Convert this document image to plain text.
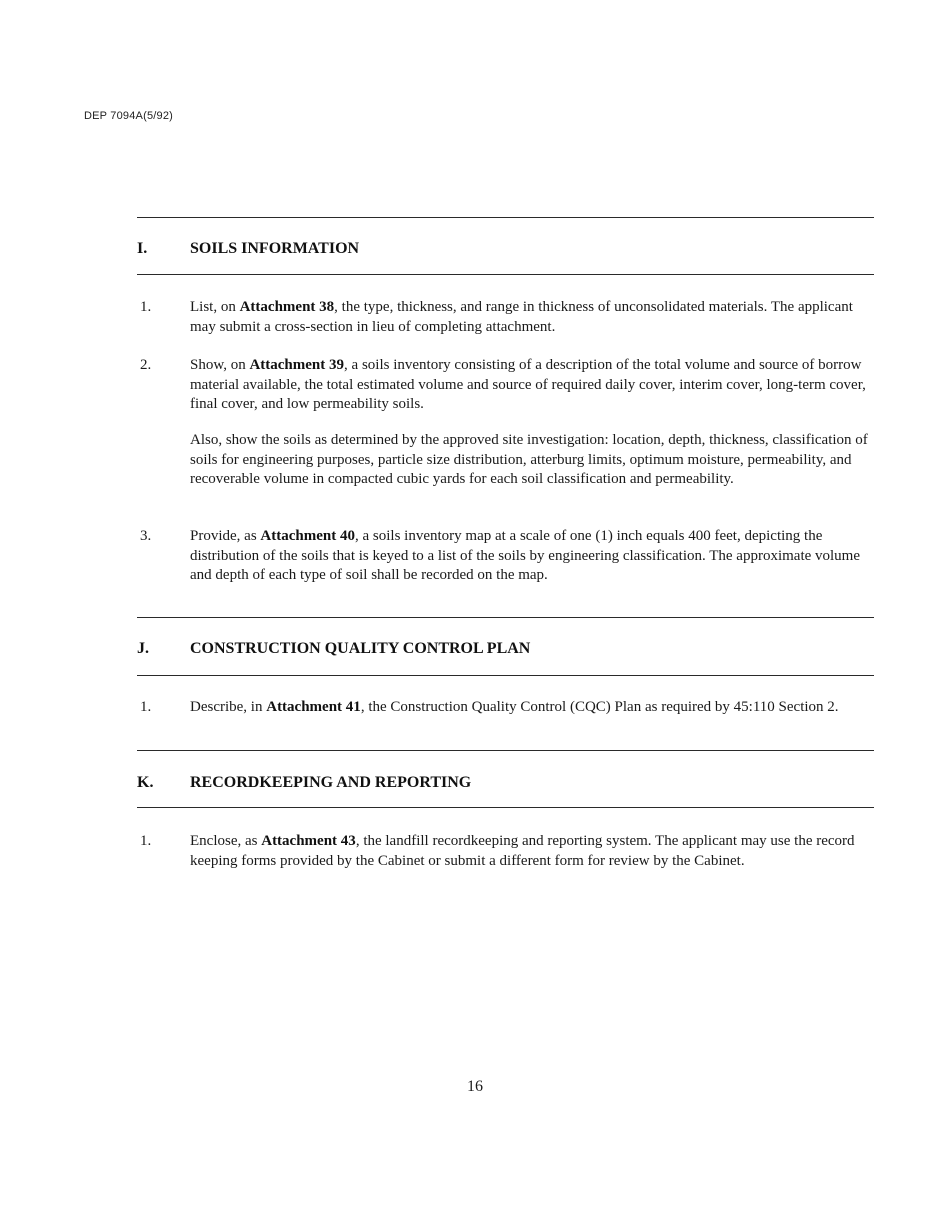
DEP 7094A(5/92)
I.	SOILS INFORMATION
1.	List, on Attachment 38, the type, thickness, and range in thickness of unconsolidated materials. The applicant may submit a cross-section in lieu of completing attachment.
2.	Show, on Attachment 39, a soils inventory consisting of a description of the total volume and source of borrow material available, the total estimated volume and source of required daily cover, interim cover, long-term cover, final cover, and low permeability soils.
Also, show the soils as determined by the approved site investigation: location, depth, thickness, classification of soils for engineering purposes, particle size distribution, atterburg limits, optimum moisture, permeability, and recoverable volume in compacted cubic yards for each soil classification and permeability.
3.	Provide, as Attachment 40, a soils inventory map at a scale of one (1) inch equals 400 feet, depicting the distribution of the soils that is keyed to a list of the soils by engineering classification. The approximate volume and depth of each type of soil shall be recorded on the map.
J.	CONSTRUCTION QUALITY CONTROL PLAN
1.	Describe, in Attachment 41, the Construction Quality Control (CQC) Plan as required by 45:110 Section 2.
K. RECORDKEEPING AND REPORTING
1.	Enclose, as Attachment 43, the landfill recordkeeping and reporting system. The applicant may use the record keeping forms provided by the Cabinet or submit a different form for review by the Cabinet.
16
